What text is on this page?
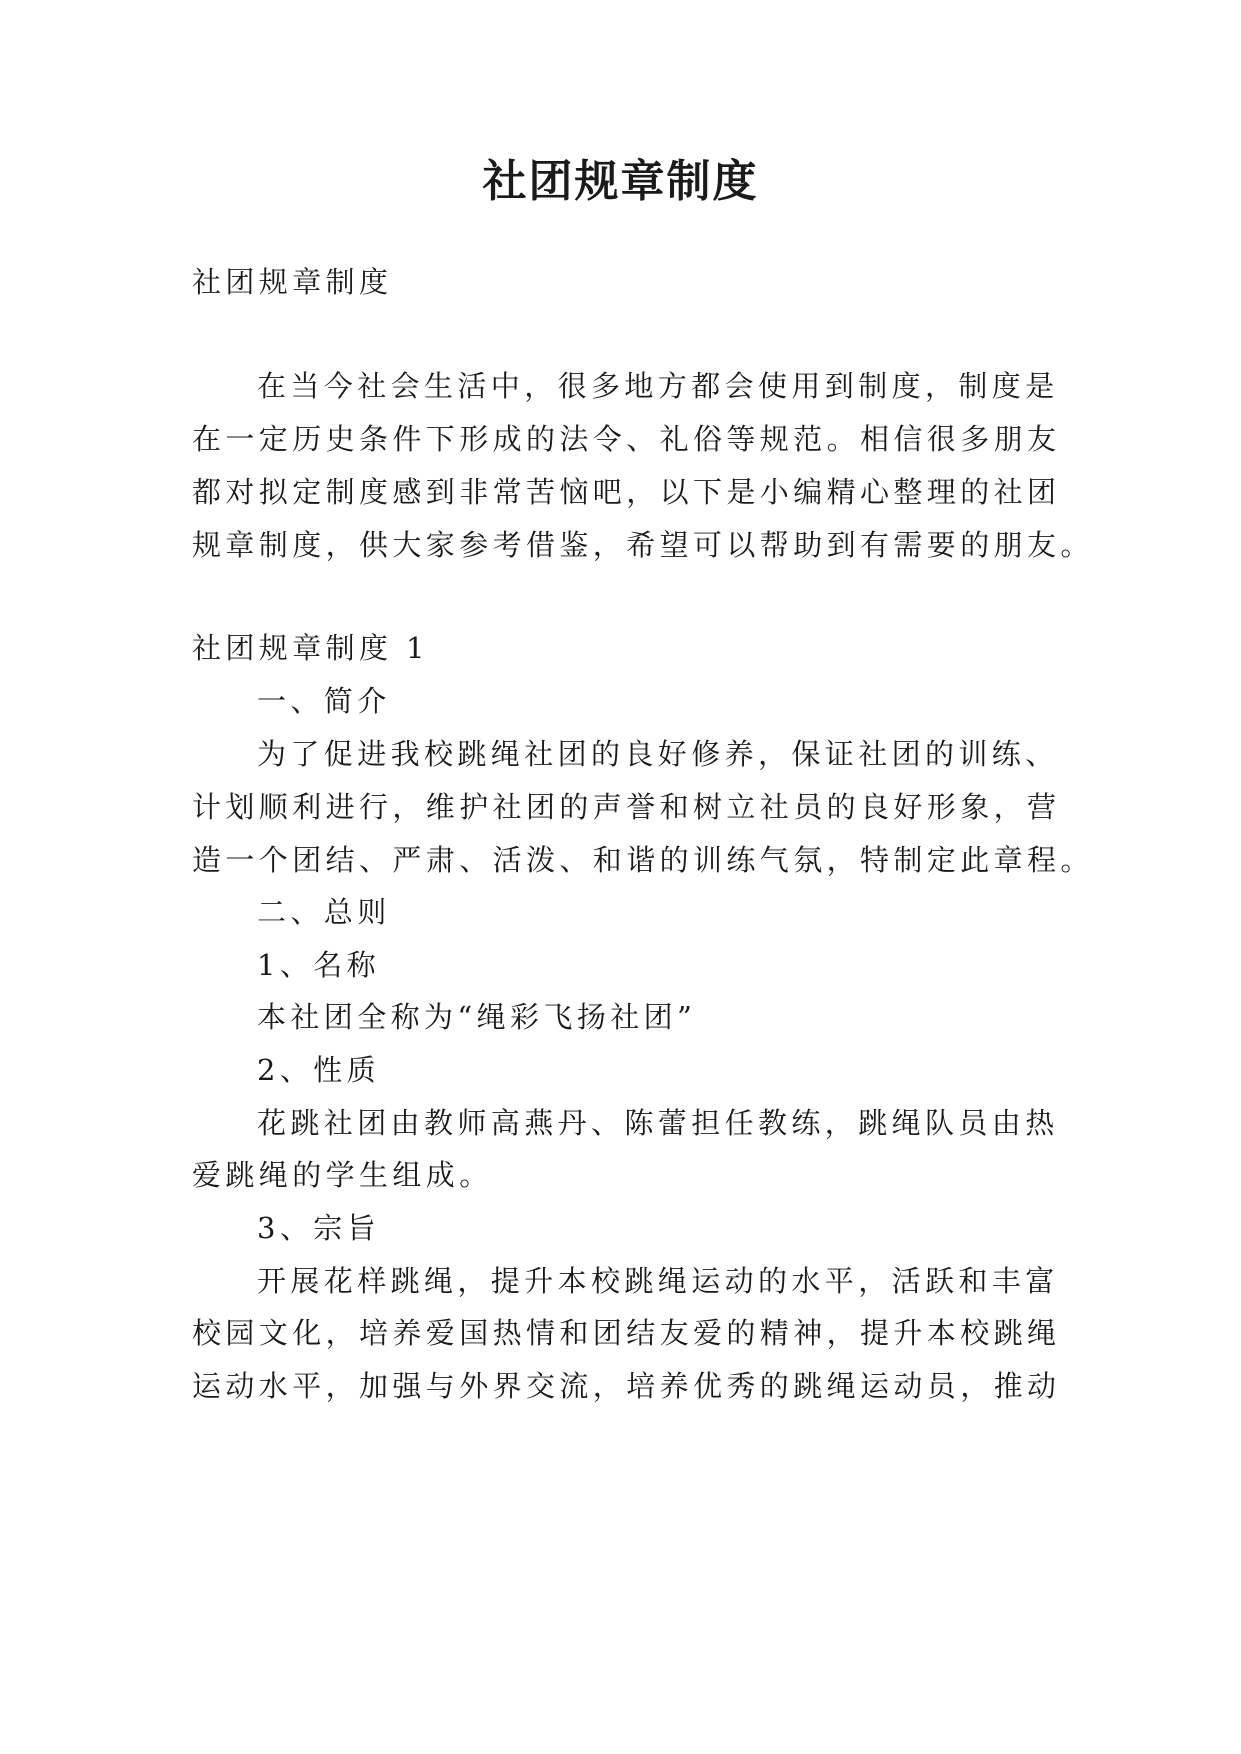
社团规章制度
社团规章制度
在当今社会生活中，很多地方都会使用到制度，制度是
在一定历史条件下形成的法令、礼俗等规范。相信很多朋友
都对拟定制度感到非常苦恼吧，以下是小编精心整理的社团
规章制度，供大家参考借鉴，希望可以帮助到有需要的朋友。
社团规章制度 1
一、简介
为了促进我校跳绳社团的良好修养，保证社团的训练、
计划顺利进行，维护社团的声誉和树立社员的良好形象，营
造一个团结、严肃、活泼、和谐的训练气氛，特制定此章程。
二、总则
1、名称
本社团全称为“绳彩飞扬社团”
2、性质
花跳社团由教师高燕丹、陈蕾担任教练，跳绳队员由热
爱跳绳的学生组成。
3、宗旨
开展花样跳绳，提升本校跳绳运动的水平，活跃和丰富
校园文化，培养爱国热情和团结友爱的精神，提升本校跳绳
运动水平，加强与外界交流，培养优秀的跳绳运动员，推动
